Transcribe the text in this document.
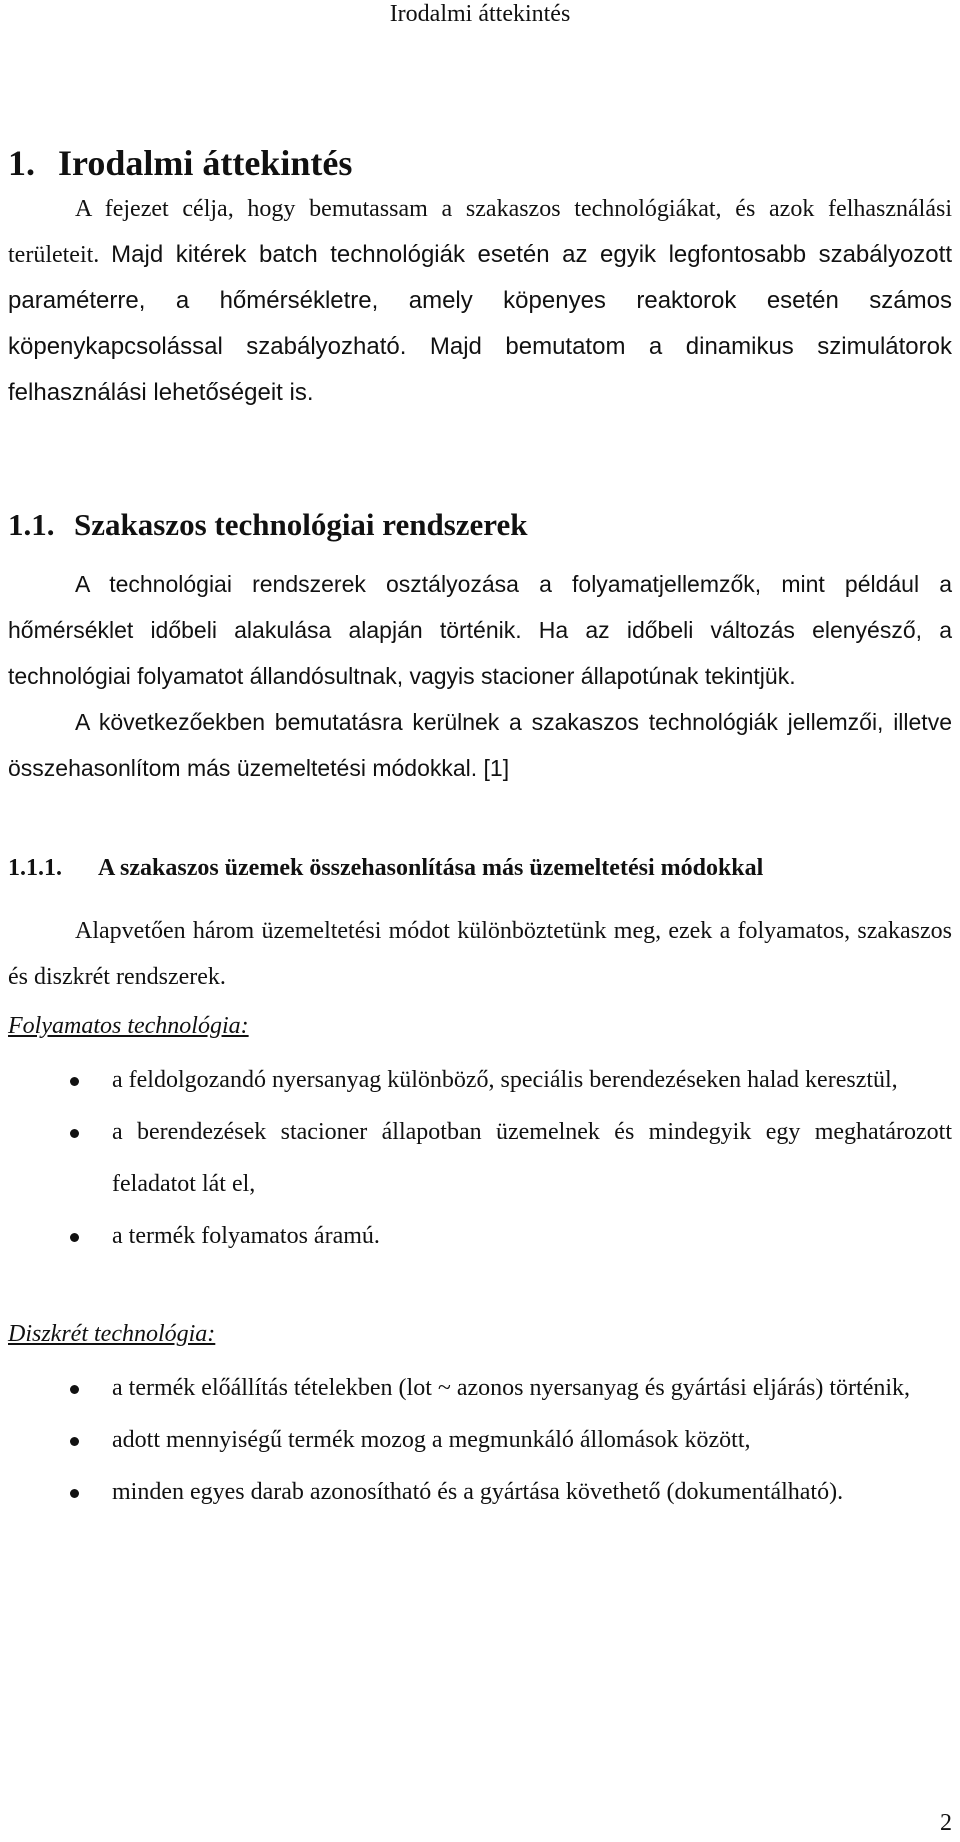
Irodalmi áttekintés
1. Irodalmi áttekintés

A fejezet célja, hogy bemutassam a szakaszos technológiákat, és azok felhasználási területeit. Majd kitérek batch technológiák esetén az egyik legfontosabb szabályozott paraméterre, a hőmérsékletre, amely köpenyes reaktorok esetén számos köpenykapcsolással szabályozható. Majd bemutatom a dinamikus szimulátorok felhasználási lehetőségeit is.

1.1. Szakaszos technológiai rendszerek

A technológiai rendszerek osztályozása a folyamatjellemzők, mint például a hőmérséklet időbeli alakulása alapján történik. Ha az időbeli változás elenyésző, a technológiai folyamatot állandósultnak, vagyis stacioner állapotúnak tekintjük.

A következőekben bemutatásra kerülnek a szakaszos technológiák jellemzői, illetve összehasonlítom más üzemeltetési módokkal. [1]

1.1.1. A szakaszos üzemek összehasonlítása más üzemeltetési módokkal

Alapvetően három üzemeltetési módot különböztetünk meg, ezek a folyamatos, szakaszos és diszkrét rendszerek.

Folyamatos technológia:
a feldolgozandó nyersanyag különböző, speciális berendezéseken halad keresztül,
a berendezések stacioner állapotban üzemelnek és mindegyik egy meghatározott feladatot lát el,
a termék folyamatos áramú.
Diszkrét technológia:
a termék előállítás tételekben (lot ~ azonos nyersanyag és gyártási eljárás) történik,
adott mennyiségű termék mozog a megmunkáló állomások között,
minden egyes darab azonosítható és a gyártása követhető (dokumentálható).
2
